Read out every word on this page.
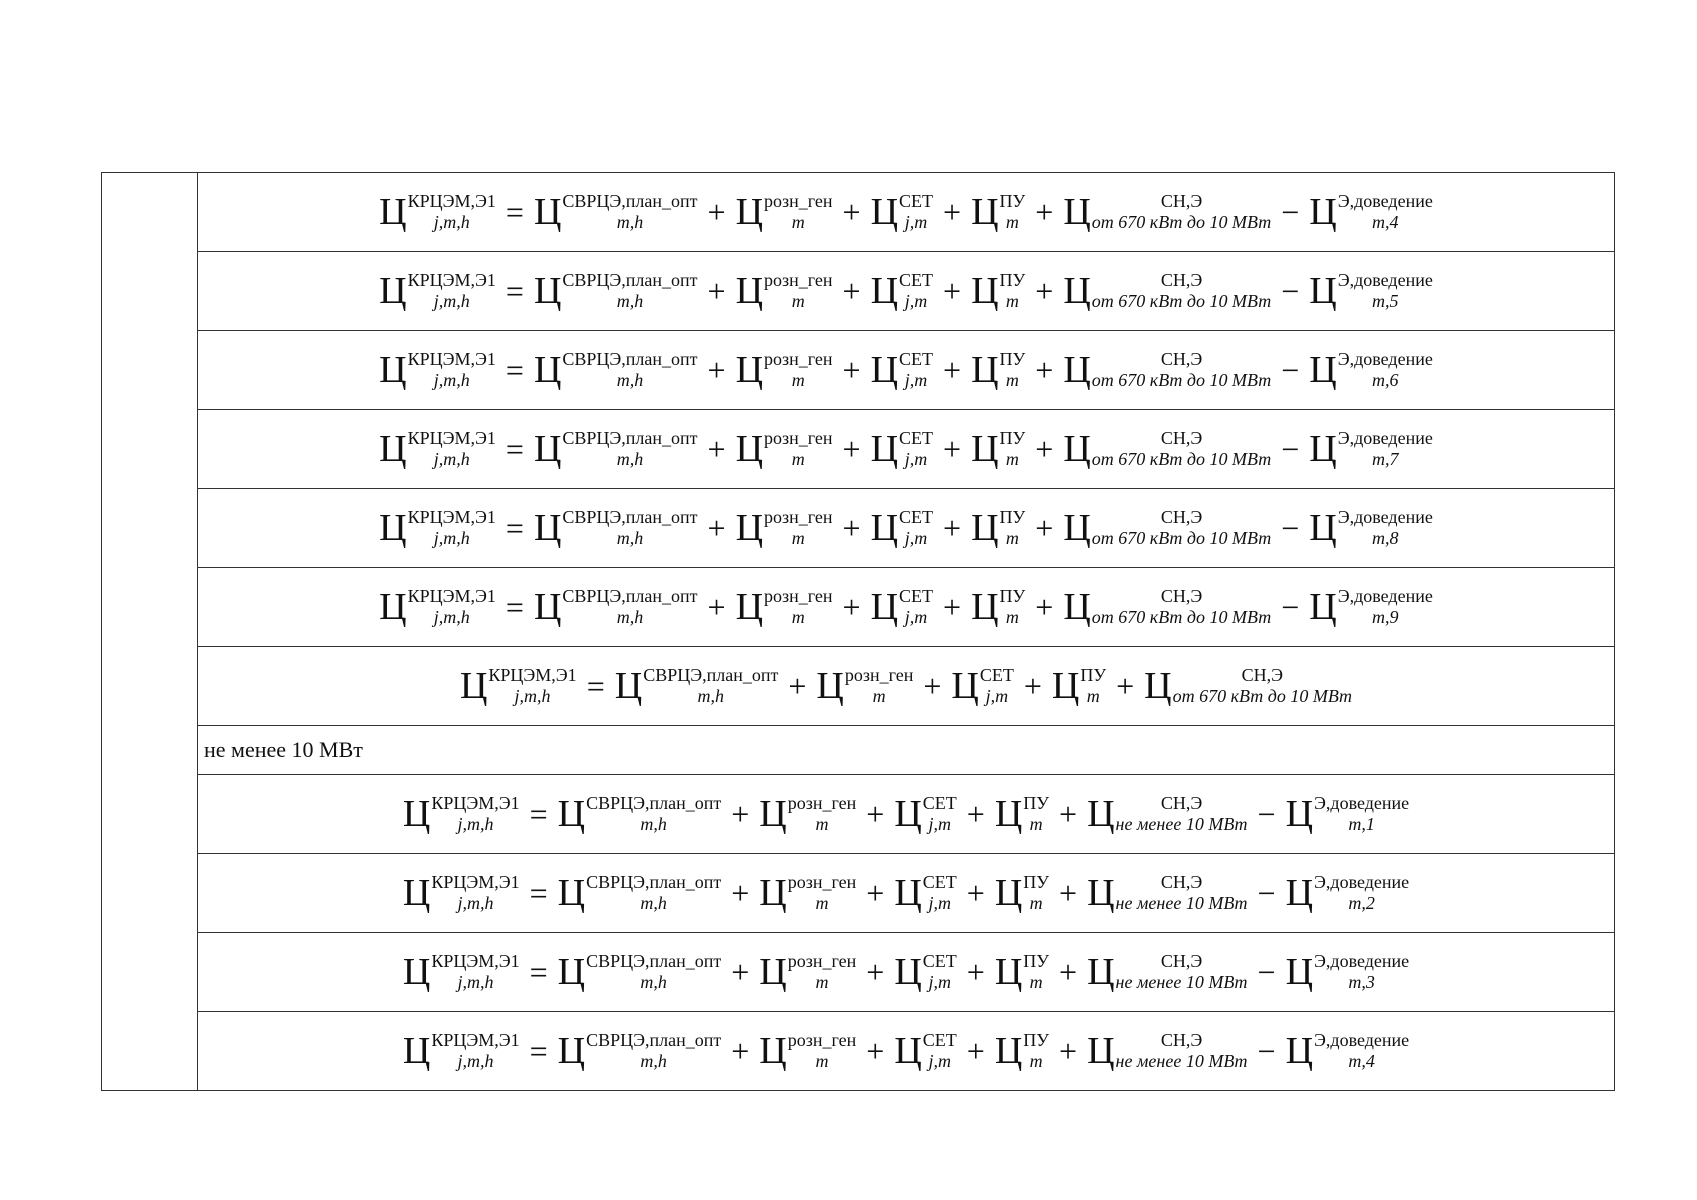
Ц КРЦЭМ,Э1
j,m,h	= Ц СВРЦЭ,план_опт
m,h	+ Ц розн_ген
m	+ Ц СЕТ
j,m + Ц ПУ
m + Ц	СН,Э
от 670 кВт до 10 МВт − Ц Э,доведение
m,4

Ц КРЦЭМ,Э1
j,m,h	= Ц СВРЦЭ,план_опт
m,h	+ Ц розн_ген
m	+ Ц СЕТ
j,m + Ц ПУ
m + Ц	СН,Э
от 670 кВт до 10 МВт − Ц Э,доведение
m,5

Ц КРЦЭМ,Э1
j,m,h	= Ц СВРЦЭ,план_опт
m,h	+ Ц розн_ген
m	+ Ц СЕТ
j,m + Ц ПУ
m + Ц	СН,Э
от 670 кВт до 10 МВт − Ц Э,доведение
m,6

Ц КРЦЭМ,Э1
j,m,h	= Ц СВРЦЭ,план_опт
m,h	+ Ц розн_ген
m	+ Ц СЕТ
j,m + Ц ПУ
m + Ц	СН,Э
от 670 кВт до 10 МВт − Ц Э,доведение
m,7

Ц КРЦЭМ,Э1
j,m,h	= Ц СВРЦЭ,план_опт
m,h	+ Ц розн_ген
m	+ Ц СЕТ
j,m + Ц ПУ
m + Ц	СН,Э
от 670 кВт до 10 МВт − Ц Э,доведение
m,8

Ц КРЦЭМ,Э1
j,m,h	= Ц СВРЦЭ,план_опт
m,h	+ Ц розн_ген
m	+ Ц СЕТ
j,m + Ц ПУ
m + Ц	СН,Э
от 670 кВт до 10 МВт − Ц Э,доведение
m,9

Ц КРЦЭМ,Э1
j,m,h	= Ц СВРЦЭ,план_опт
m,h	+ Ц розн_ген
m	+ Ц СЕТ
j,m + Ц ПУ
m + Ц	СН,Э
от 670 кВт до 10 МВт

не менее 10 МВт

Ц КРЦЭМ,Э1
j,m,h	= Ц СВРЦЭ,план_опт
m,h	+ Ц розн_ген
m	+ Ц СЕТ
j,m + Ц ПУ
m + Ц	СН,Э
не менее 10 МВт − Ц Э,доведение
m,1

Ц КРЦЭМ,Э1
j,m,h	= Ц СВРЦЭ,план_опт
m,h	+ Ц розн_ген
m	+ Ц СЕТ
j,m + Ц ПУ
m + Ц	СН,Э
не менее 10 МВт − Ц Э,доведение
m,2

Ц КРЦЭМ,Э1
j,m,h	= Ц СВРЦЭ,план_опт
m,h	+ Ц розн_ген
m	+ Ц СЕТ
j,m + Ц ПУ
m + Ц	СН,Э
не менее 10 МВт − Ц Э,доведение
m,3

Ц КРЦЭМ,Э1
j,m,h	= Ц СВРЦЭ,план_опт
m,h	+ Ц розн_ген
m	+ Ц СЕТ
j,m + Ц ПУ
m + Ц	СН,Э
не менее 10 МВт − Ц Э,доведение
m,4
